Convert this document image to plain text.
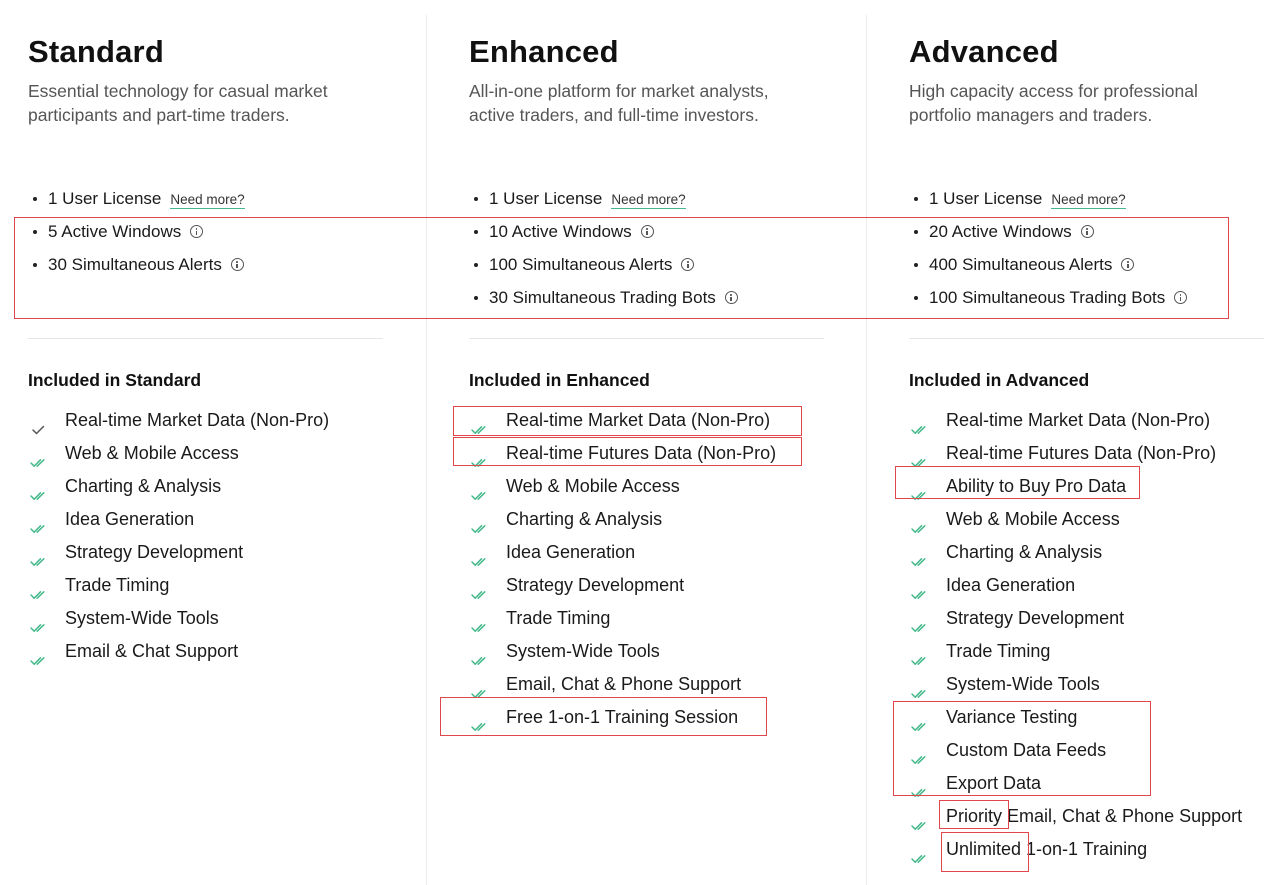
Standard

Essential technology for casual market participants and part-time traders.

1 User License Need more?
5 Active Windows
30 Simultaneous Alerts
Included in Standard
Real-time Market Data (Non-Pro)
Web & Mobile Access
Charting & Analysis
Idea Generation
Strategy Development
Trade Timing
System-Wide Tools
Email & Chat Support
Enhanced

All-in-one platform for market analysts, active traders, and full-time investors.

1 User License Need more?
10 Active Windows
100 Simultaneous Alerts
30 Simultaneous Trading Bots
Included in Enhanced
Real-time Market Data (Non-Pro)
Real-time Futures Data (Non-Pro)
Web & Mobile Access
Charting & Analysis
Idea Generation
Strategy Development
Trade Timing
System-Wide Tools
Email, Chat & Phone Support
Free 1-on-1 Training Session
Advanced

High capacity access for professional portfolio managers and traders.

1 User License Need more?
20 Active Windows
400 Simultaneous Alerts
100 Simultaneous Trading Bots
Included in Advanced
Real-time Market Data (Non-Pro)
Real-time Futures Data (Non-Pro)
Ability to Buy Pro Data
Web & Mobile Access
Charting & Analysis
Idea Generation
Strategy Development
Trade Timing
System-Wide Tools
Variance Testing
Custom Data Feeds
Export Data
Priority Email, Chat & Phone Support
Unlimited 1-on-1 Training
